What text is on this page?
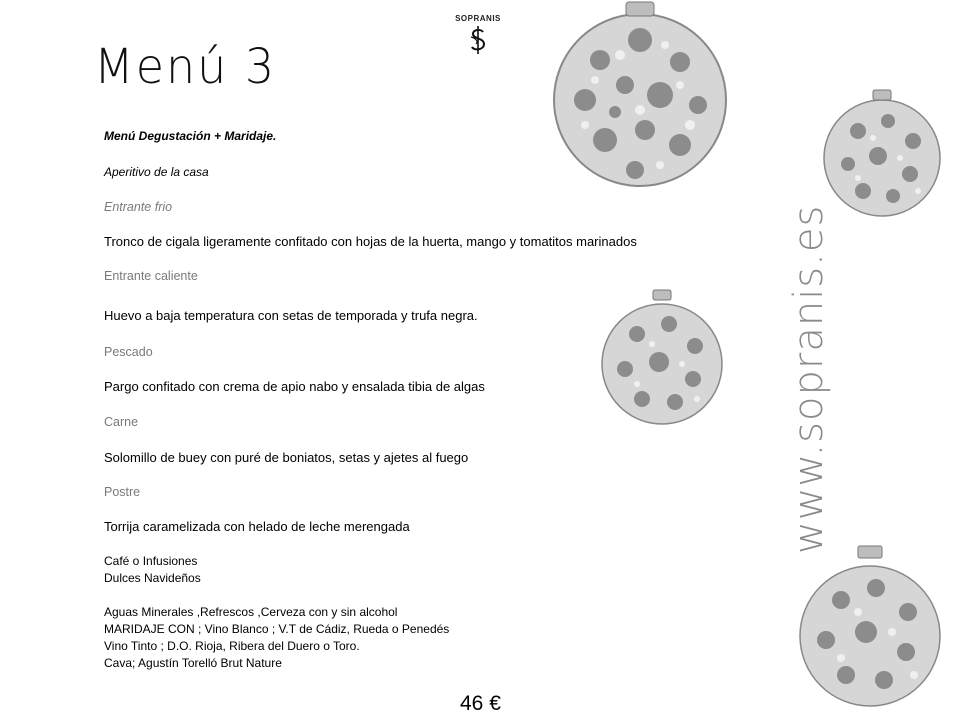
SOPRANIS
Menú 3
Menú Degustación + Maridaje.
Aperitivo de la casa
Entrante frio
Tronco de cigala ligeramente confitado con hojas de la huerta, mango y tomatitos marinados
Entrante caliente
Huevo a baja temperatura con setas de temporada y trufa negra.
Pescado
Pargo confitado con crema de apio nabo y ensalada tibia de algas
Carne
Solomillo de buey con puré de boniatos, setas y ajetes al fuego
Postre
Torrija caramelizada con helado de leche merengada
Café o Infusiones
Dulces Navideños
Aguas Minerales ,Refrescos ,Cerveza con y sin alcohol
MARIDAJE CON ; Vino Blanco ; V.T de Cádiz, Rueda o Penedés
Vino Tinto ; D.O. Rioja, Ribera del Duero o Toro.
Cava; Agustín Torelló Brut Nature
46 €
www.sopranis.es
